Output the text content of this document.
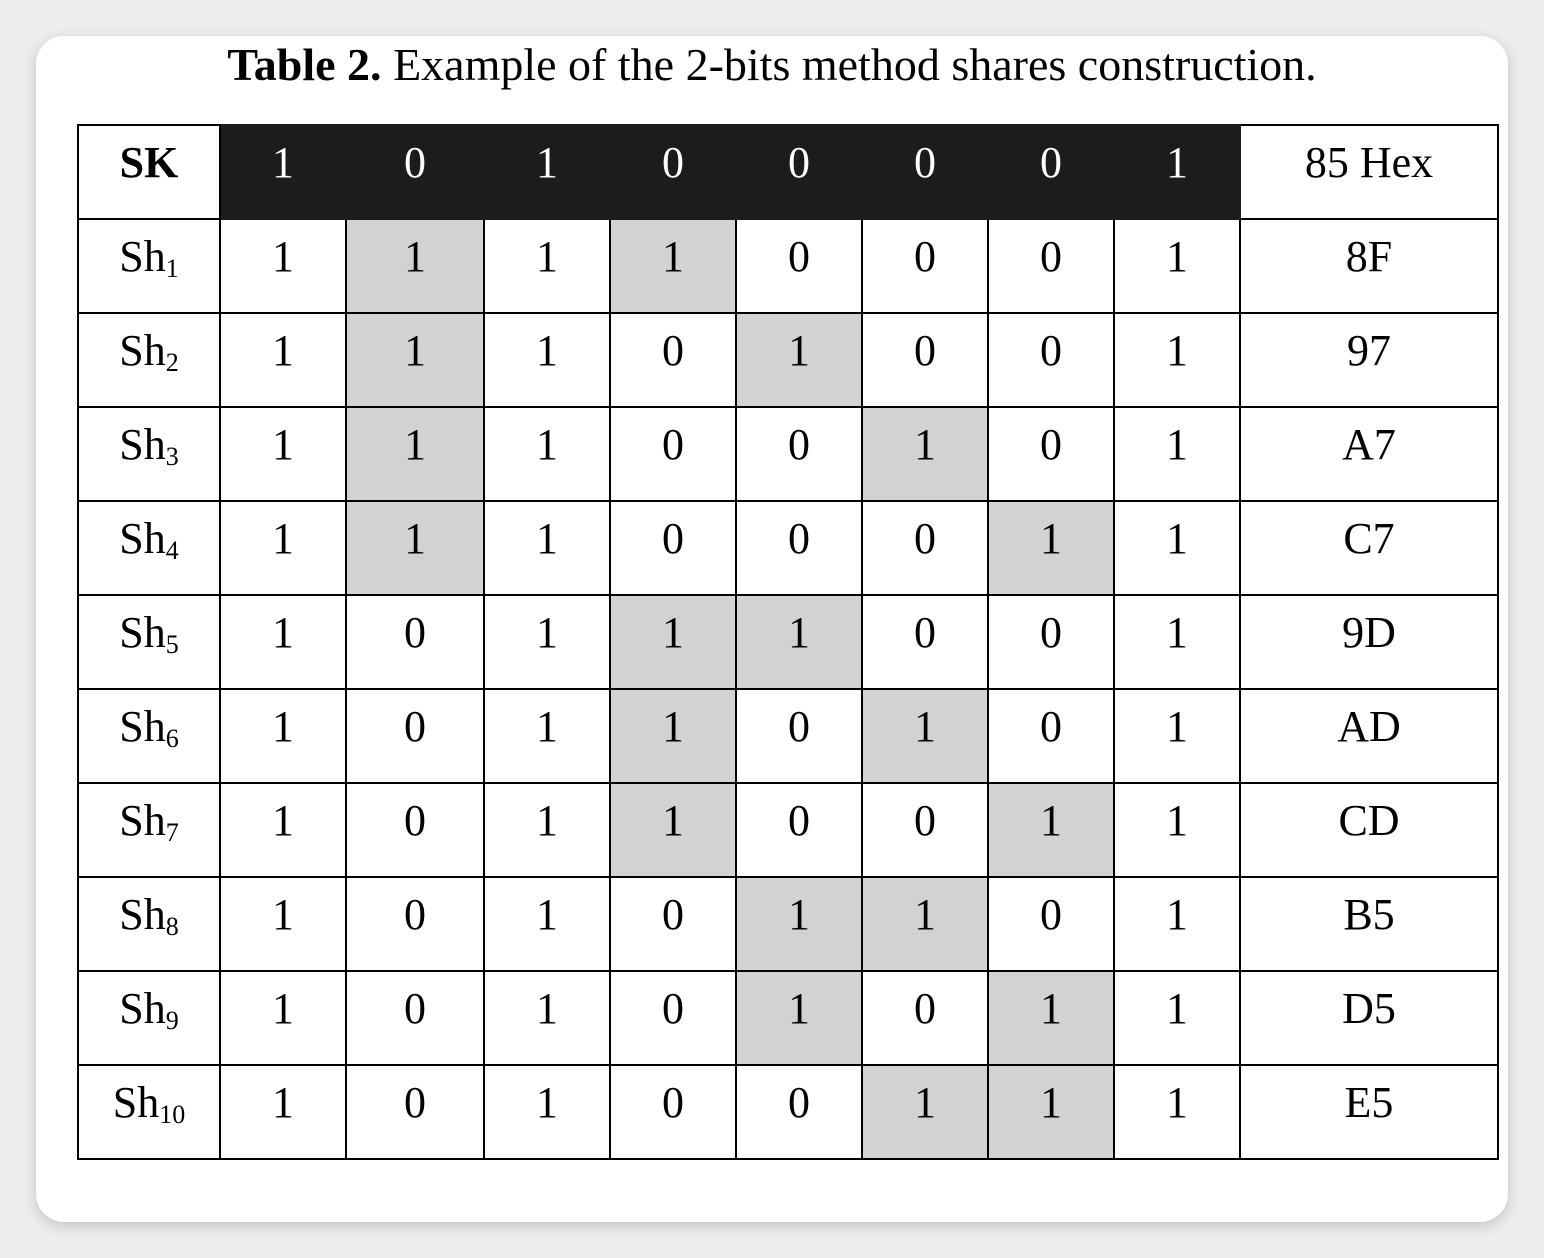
Table 2. Example of the 2-bits method shares construction.
SK	1	0	1	0	0	0	0	1	85 Hex
$Sh_1$	1	1	1	1	0	0	0	1	8F
$Sh_2$	1	1	1	0	1	0	0	1	97
$Sh_3$	1	1	1	0	0	1	0	1	A7
$Sh_4$	1	1	1	0	0	0	1	1	C7
$Sh_5$	1	0	1	1	1	0	0	1	9D
$Sh_6$	1	0	1	1	0	1	0	1	AD
$Sh_7$	1	0	1	1	0	0	1	1	CD
$Sh_8$	1	0	1	0	1	1	0	1	B5
$Sh_9$	1	0	1	0	1	0	1	1	D5
$Sh_{10}$	1	0	1	0	0	1	1	1	E5
